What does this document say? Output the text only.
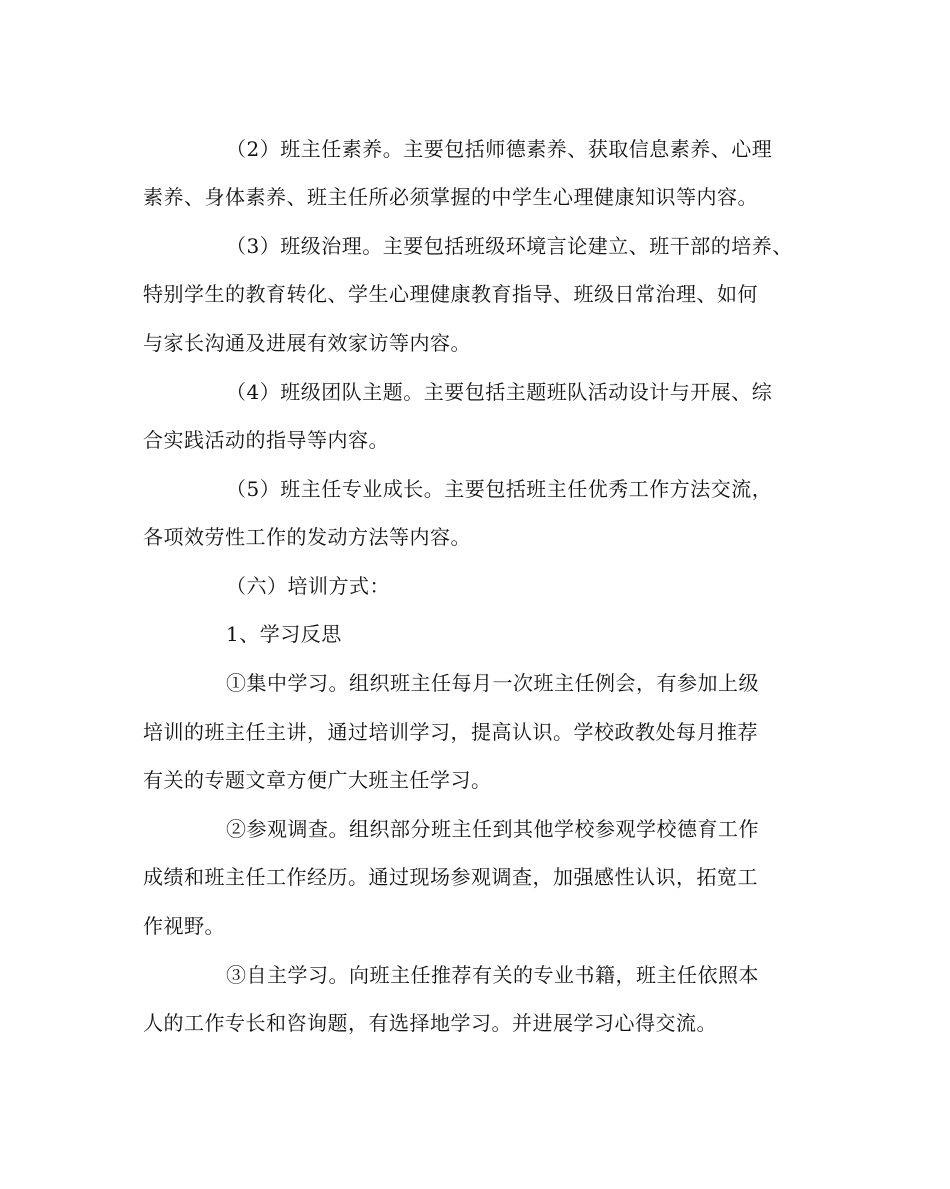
（2）班主任素养。主要包括师德素养、获取信息素养、心理
素养、身体素养、班主任所必须掌握的中学生心理健康知识等内容。
（3）班级治理。主要包括班级环境言论建立、班干部的培养、
特别学生的教育转化、学生心理健康教育指导、班级日常治理、如何
与家长沟通及进展有效家访等内容。
（4）班级团队主题。主要包括主题班队活动设计与开展、综
合实践活动的指导等内容。
（5）班主任专业成长。主要包括班主任优秀工作方法交流，
各项效劳性工作的发动方法等内容。
（六）培训方式：
1、学习反思
①集中学习。组织班主任每月一次班主任例会，有参加上级
培训的班主任主讲，通过培训学习，提高认识。学校政教处每月推荐
有关的专题文章方便广大班主任学习。
②参观调查。组织部分班主任到其他学校参观学校德育工作
成绩和班主任工作经历。通过现场参观调查，加强感性认识，拓宽工
作视野。
③自主学习。向班主任推荐有关的专业书籍，班主任依照本
人的工作专长和咨询题，有选择地学习。并进展学习心得交流。
